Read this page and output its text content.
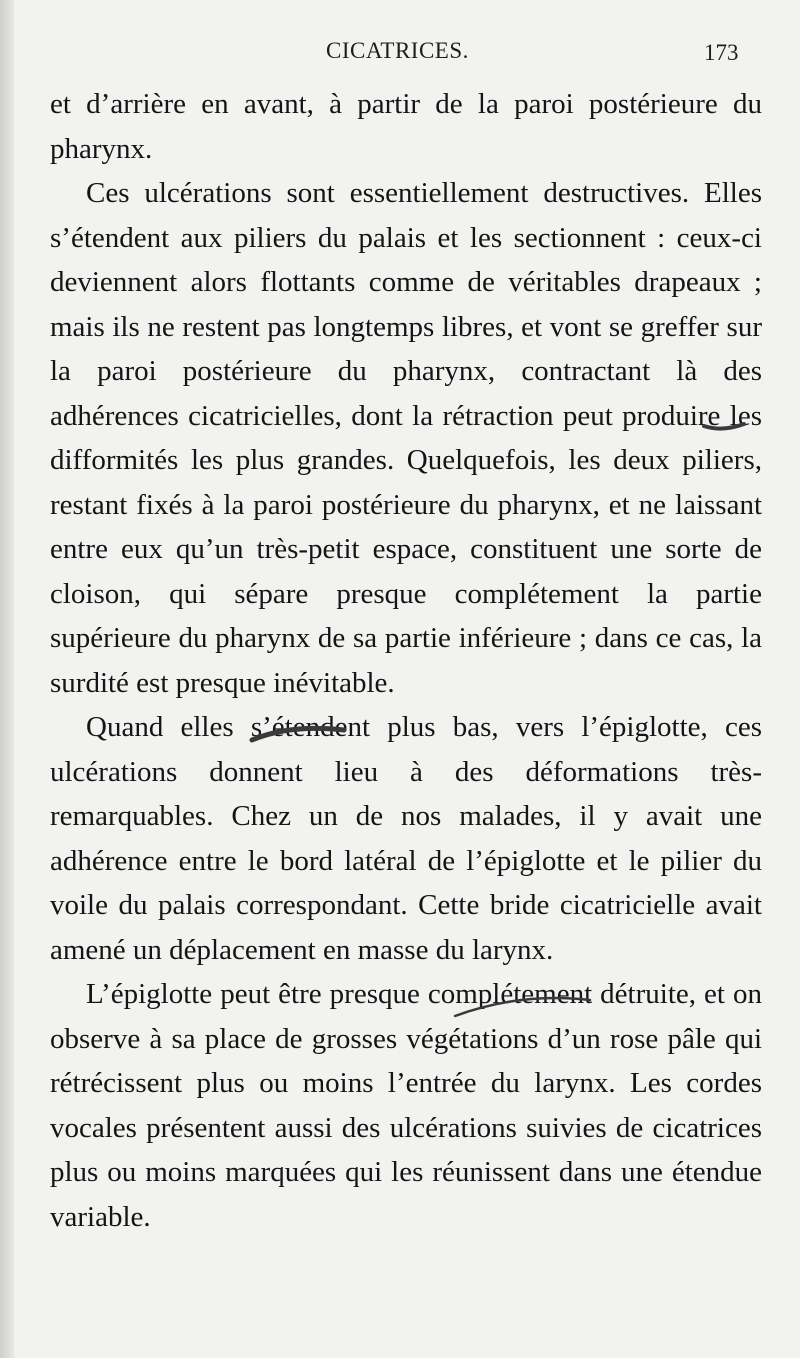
CICATRICES.	173

et d’arrière en avant, à partir de la paroi postérieure du pharynx.

Ces ulcérations sont essentiellement destructives. Elles s’étendent aux piliers du palais et les sectionnent : ceux-ci deviennent alors flottants comme de véritables drapeaux ; mais ils ne restent pas longtemps libres, et vont se greffer sur la paroi postérieure du pharynx, contractant là des adhérences cicatricielles, dont la rétraction peut produire les difformités les plus grandes. Quelquefois, les deux piliers, restant fixés à la paroi postérieure du pharynx, et ne laissant entre eux qu’un très-petit espace, constituent une sorte de cloison, qui sépare presque complétement la partie supérieure du pharynx de sa partie inférieure ; dans ce cas, la surdité est presque inévitable.

Quand elles s’étendent plus bas, vers l’épiglotte, ces ulcérations donnent lieu à des déformations très-remarquables. Chez un de nos malades, il y avait une adhérence entre le bord latéral de l’épiglotte et le pilier du voile du palais correspondant. Cette bride cicatricielle avait amené un déplacement en masse du larynx.

L’épiglotte peut être presque complétement détruite, et on observe à sa place de grosses végétations d’un rose pâle qui rétrécissent plus ou moins l’entrée du larynx. Les cordes vocales présentent aussi des ulcérations suivies de cicatrices plus ou moins marquées qui les réunissent dans une étendue variable.
